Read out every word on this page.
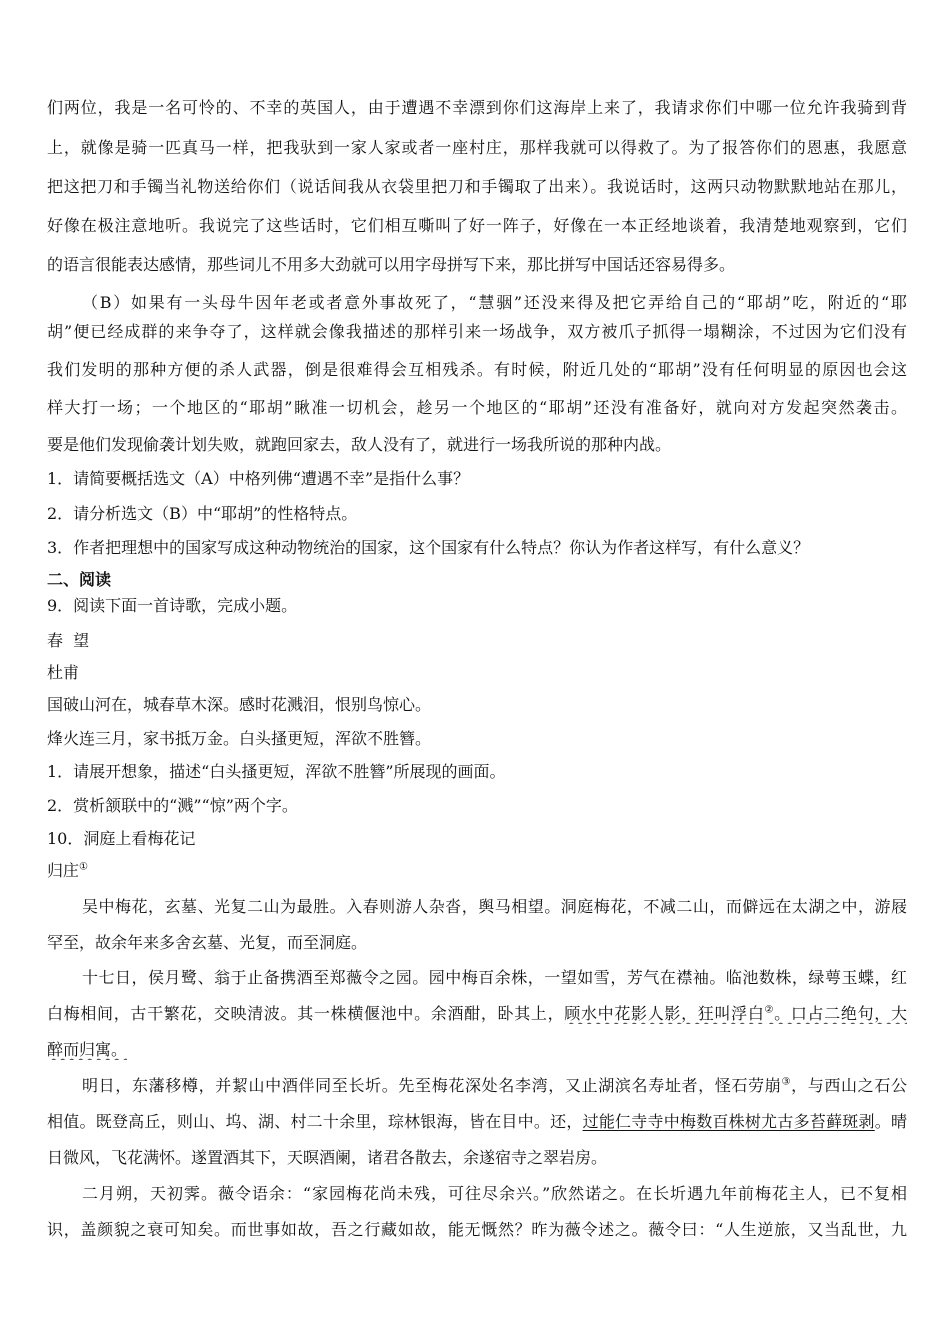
们两位，我是一名可怜的、不幸的英国人，由于遭遇不幸漂到你们这海岸上来了，我请求你们中哪一位允许我骑到背
上，就像是骑一匹真马一样，把我驮到一家人家或者一座村庄，那样我就可以得救了。为了报答你们的恩惠，我愿意
把这把刀和手镯当礼物送给你们（说话间我从衣袋里把刀和手镯取了出来）。我说话时，这两只动物默默地站在那儿，
好像在极注意地听。我说完了这些话时，它们相互嘶叫了好一阵子，好像在一本正经地谈着，我清楚地观察到，它们
的语言很能表达感情，那些词儿不用多大劲就可以用字母拼写下来，那比拼写中国话还容易得多。
（B）如果有一头母牛因年老或者意外事故死了，“慧骃”还没来得及把它弄给自己的“耶胡”吃，附近的“耶
胡”便已经成群的来争夺了，这样就会像我描述的那样引来一场战争，双方被爪子抓得一塌糊涂，不过因为它们没有
我们发明的那种方便的杀人武器，倒是很难得会互相残杀。有时候，附近几处的“耶胡”没有任何明显的原因也会这
样大打一场；一个地区的“耶胡”瞅准一切机会，趁另一个地区的“耶胡”还没有准备好，就向对方发起突然袭击。
要是他们发现偷袭计划失败，就跑回家去，敌人没有了，就进行一场我所说的那种内战。
1．请简要概括选文（A）中格列佛“遭遇不幸”是指什么事？
2．请分析选文（B）中“耶胡”的性格特点。
3．作者把理想中的国家写成这种动物统治的国家，这个国家有什么特点？你认为作者这样写，有什么意义？
二、阅读
9．阅读下面一首诗歌，完成小题。
春  望
杜甫
国破山河在，城春草木深。感时花溅泪，恨别鸟惊心。
烽火连三月，家书抵万金。白头搔更短，浑欲不胜簪。
1．请展开想象，描述“白头搔更短，浑欲不胜簪”所展现的画面。
2．赏析颔联中的“溅”“惊”两个字。
10．洞庭上看梅花记
归庄①
吴中梅花，玄墓、光复二山为最胜。入春则游人杂沓，舆马相望。洞庭梅花，不减二山，而僻远在太湖之中，游屐
罕至，故余年来多舍玄墓、光复，而至洞庭。
十七日，侯月鹭、翁于止备携酒至郑薇令之园。园中梅百余株，一望如雪，芳气在襟袖。临池数株，绿萼玉蝶，红
白梅相间，古干繁花，交映清波。其一株横偃池中。余酒酣，卧其上，顾水中花影人影，狂叫浮白②。口占二绝句，大
醉而归寓。
明日，东藩移樽，并絜山中酒伴同至长圻。先至梅花深处名李湾，又止湖滨名寿址者，怪石劳崩③，与西山之石公
相值。既登高丘，则山、坞、湖、村二十余里，琮林银海，皆在目中。还，过能仁寺寺中梅数百株树尤古多苔藓斑剥。晴
日微风，飞花满怀。遂置酒其下，天暝酒阑，诸君各散去，余遂宿寺之翠岩房。
二月朔，天初霁。薇令语余：“家园梅花尚未残，可往尽余兴。”欣然诺之。在长圻遇九年前梅花主人，已不复相
识，盖颜貌之衰可知矣。而世事如故，吾之行藏如故，能无慨然？昨为薇令述之。薇令曰：“人生逆旅，又当乱世，九
